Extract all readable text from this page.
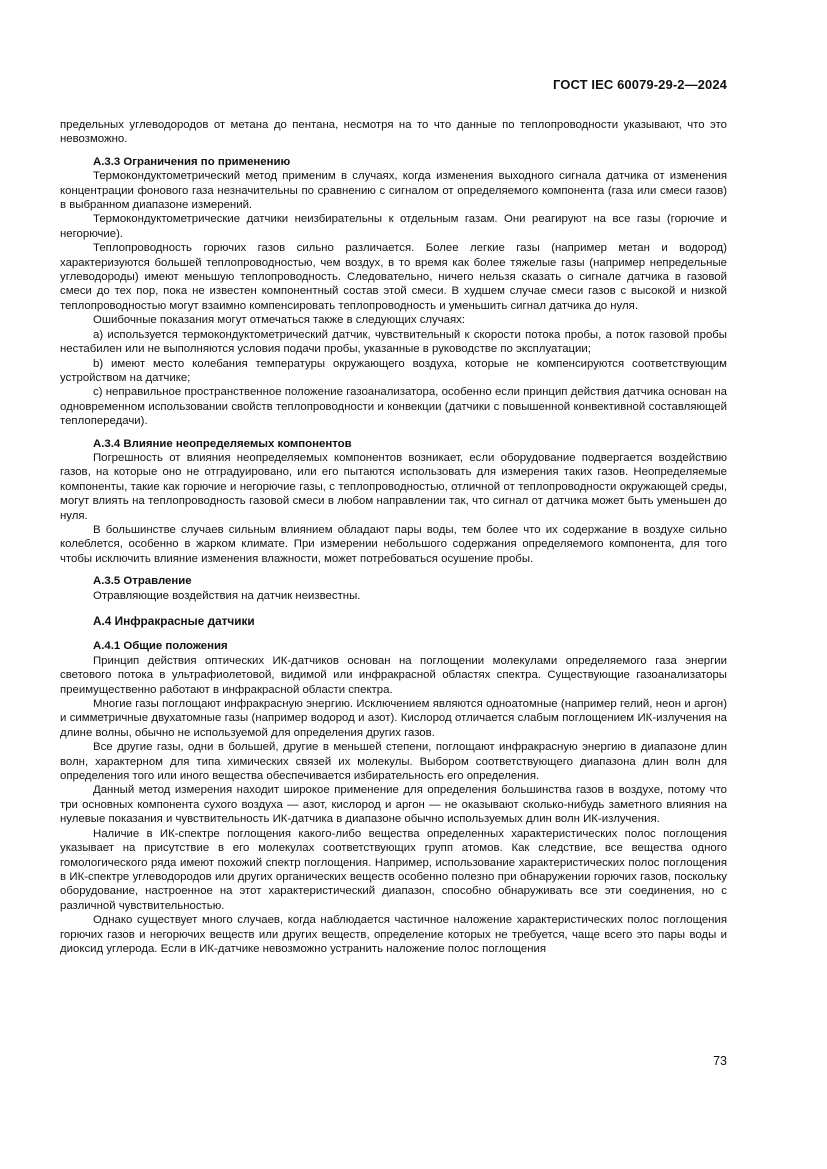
ГОСТ IEC 60079-29-2—2024

предельных углеводородов от метана до пентана, несмотря на то что данные по теплопроводности указывают, что это невозможно.

А.3.3 Ограничения по применению

Термокондуктометрический метод применим в случаях, когда изменения выходного сигнала датчика от изменения концентрации фонового газа незначительны по сравнению с сигналом от определяемого компонента (газа или смеси газов) в выбранном диапазоне измерений.

Термокондуктометрические датчики неизбирательны к отдельным газам. Они реагируют на все газы (горючие и негорючие).

Теплопроводность горючих газов сильно различается. Более легкие газы (например метан и водород) характеризуются большей теплопроводностью, чем воздух, в то время как более тяжелые газы (например непредельные углеводороды) имеют меньшую теплопроводность. Следовательно, ничего нельзя сказать о сигнале датчика в газовой смеси до тех пор, пока не известен компонентный состав этой смеси. В худшем случае смеси газов с высокой и низкой теплопроводностью могут взаимно компенсировать теплопроводность и уменьшить сигнал датчика до нуля.

Ошибочные показания могут отмечаться также в следующих случаях:

a) используется термокондуктометрический датчик, чувствительный к скорости потока пробы, а поток газовой пробы нестабилен или не выполняются условия подачи пробы, указанные в руководстве по эксплуатации;

b) имеют место колебания температуры окружающего воздуха, которые не компенсируются соответствующим устройством на датчике;

c) неправильное пространственное положение газоанализатора, особенно если принцип действия датчика основан на одновременном использовании свойств теплопроводности и конвекции (датчики с повышенной конвективной составляющей теплопередачи).

А.3.4 Влияние неопределяемых компонентов

Погрешность от влияния неопределяемых компонентов возникает, если оборудование подвергается воздействию газов, на которые оно не отградуировано, или его пытаются использовать для измерения таких газов. Неопределяемые компоненты, такие как горючие и негорючие газы, с теплопроводностью, отличной от теплопроводности окружающей среды, могут влиять на теплопроводность газовой смеси в любом направлении так, что сигнал от датчика может быть уменьшен до нуля.

В большинстве случаев сильным влиянием обладают пары воды, тем более что их содержание в воздухе сильно колеблется, особенно в жарком климате. При измерении небольшого содержания определяемого компонента, для того чтобы исключить влияние изменения влажности, может потребоваться осушение пробы.

А.3.5 Отравление

Отравляющие воздействия на датчик неизвестны.

А.4 Инфракрасные датчики
А.4.1 Общие положения

Принцип действия оптических ИК-датчиков основан на поглощении молекулами определяемого газа энергии светового потока в ультрафиолетовой, видимой или инфракрасной областях спектра. Существующие газоанализаторы преимущественно работают в инфракрасной области спектра.

Многие газы поглощают инфракрасную энергию. Исключением являются одноатомные (например гелий, неон и аргон) и симметричные двухатомные газы (например водород и азот). Кислород отличается слабым поглощением ИК-излучения на длине волны, обычно не используемой для определения других газов.

Все другие газы, одни в большей, другие в меньшей степени, поглощают инфракрасную энергию в диапазоне длин волн, характерном для типа химических связей их молекулы. Выбором соответствующего диапазона длин волн для определения того или иного вещества обеспечивается избирательность его определения.

Данный метод измерения находит широкое применение для определения большинства газов в воздухе, потому что три основных компонента сухого воздуха — азот, кислород и аргон — не оказывают сколько-нибудь заметного влияния на нулевые показания и чувствительность ИК-датчика в диапазоне обычно используемых длин волн ИК-излучения.

Наличие в ИК-спектре поглощения какого-либо вещества определенных характеристических полос поглощения указывает на присутствие в его молекулах соответствующих групп атомов. Как следствие, все вещества одного гомологического ряда имеют похожий спектр поглощения. Например, использование характеристических полос поглощения в ИК-спектре углеводородов или других органических веществ особенно полезно при обнаружении горючих газов, поскольку оборудование, настроенное на этот характеристический диапазон, способно обнаруживать все эти соединения, но с различной чувствительностью.

Однако существует много случаев, когда наблюдается частичное наложение характеристических полос поглощения горючих газов и негорючих веществ или других веществ, определение которых не требуется, чаще всего это пары воды и диоксид углерода. Если в ИК-датчике невозможно устранить наложение полос поглощения

73
